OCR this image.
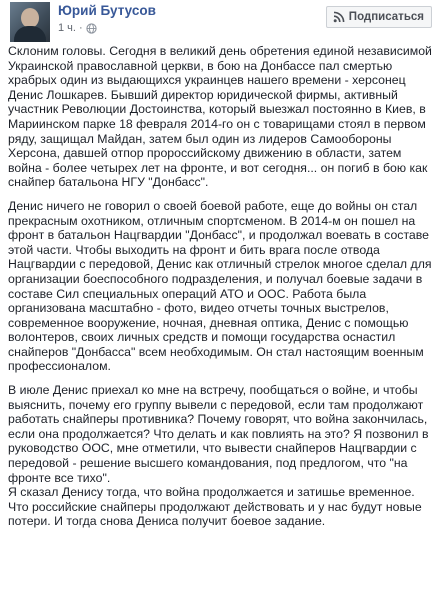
Юрий Бутусов
1 ч. ·
Подписаться

Склоним головы. Сегодня в великий день обретения единой независимой Украинской православной церкви, в бою на Донбассе пал смертью храбрых один из выдающихся украинцев нашего времени - херсонец Денис Лошкарев. Бывший директор юридической фирмы, активный участник Революции Достоинства, который выезжал постоянно в Киев, в Мариинском парке 18 февраля 2014-го он с товарищами стоял в первом ряду, защищал Майдан, затем был один из лидеров Самообороны Херсона, давшей отпор пророссийскому движению в области, затем война - более четырех лет на фронте, и вот сегодня... он погиб в бою как снайпер батальона НГУ "Донбасс".

Денис ничего не говорил о своей боевой работе, еще до войны он стал прекрасным охотником, отличным спортсменом. В 2014-м он пошел на фронт в батальон Нацгвардии "Донбасс", и продолжал воевать в составе этой части. Чтобы выходить на фронт и бить врага после отвода Нацгвардии с передовой, Денис как отличный стрелок многое сделал для организации боеспособного подразделения, и получал боевые задачи в составе Сил специальных операций АТО и ООС. Работа была организована масштабно - фото, видео отчеты точных выстрелов, современное вооружение, ночная, дневная оптика, Денис с помощью волонтеров, своих личных средств и помощи государства оснастил снайперов "Донбасса" всем необходимым. Он стал настоящим военным профессионалом.

В июле Денис приехал ко мне на встречу, пообщаться о войне, и чтобы выяснить, почему его группу вывели с передовой, если там продолжают работать снайперы противника? Почему говорят, что война закончилась, если она продолжается? Что делать и как повлиять на это? Я позвонил в руководство ООС, мне отметили, что вывести снайперов Нацгвардии с передовой - решение высшего командования, под предлогом, что "на фронте все тихо".

Я сказал Денису тогда, что война продолжается и затишье временное. Что российские снайперы продолжают действовать и у нас будут новые потери. И тогда снова Дениса получит боевое задание.
